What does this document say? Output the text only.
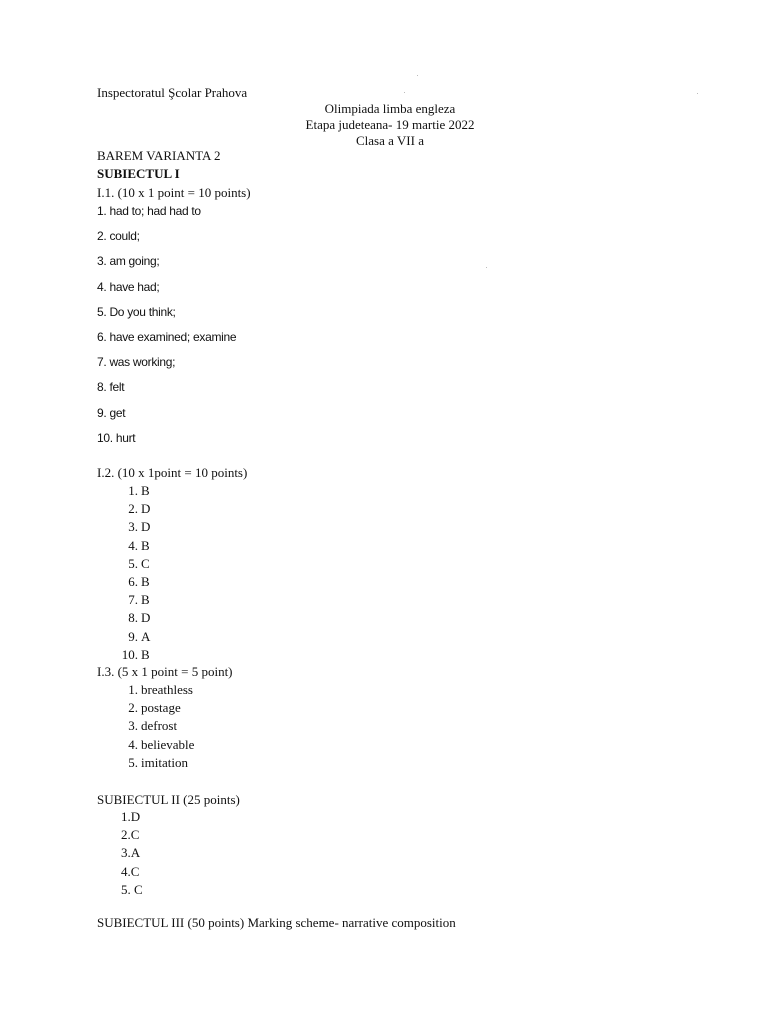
Inspectoratul Şcolar Prahova
Olimpiada limba engleza
Etapa judeteana- 19 martie 2022
Clasa a VII a
BAREM VARIANTA 2
SUBIECTUL I
I.1. (10 x 1 point = 10 points)
1. had to; had had to
2. could;
3. am going;
4. have had;
5. Do you think;
6. have examined; examine
7. was working;
8. felt
9. get
10. hurt
I.2. (10 x 1point = 10 points)
1. B
2. D
3. D
4. B
5. C
6. B
7. B
8. D
9. A
10. B
I.3. (5 x 1 point = 5 point)
1. breathless
2. postage
3. defrost
4. believable
5. imitation
SUBIECTUL II (25 points)
1.D
2.C
3.A
4.C
5. C
SUBIECTUL III (50 points) Marking scheme- narrative composition
